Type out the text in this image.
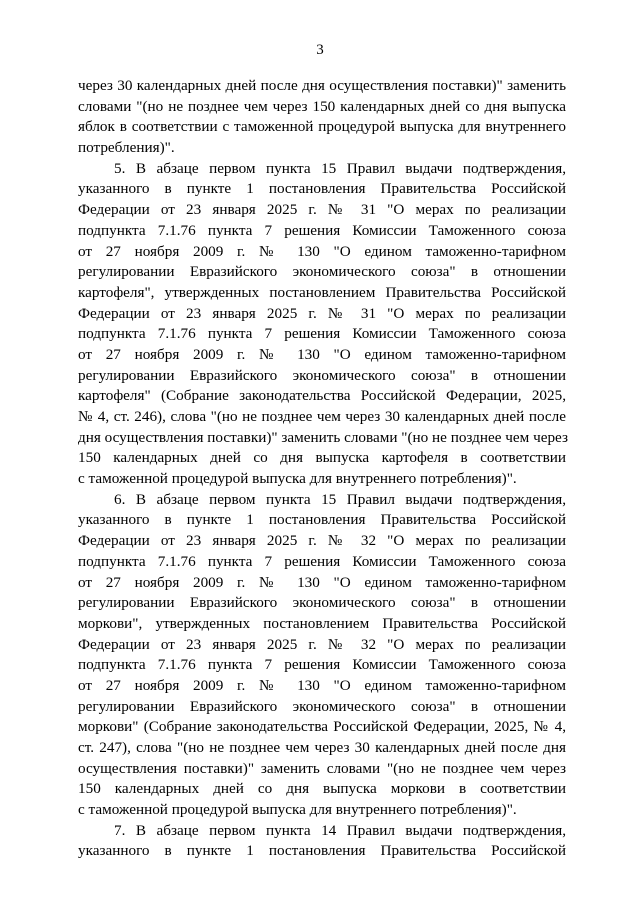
3
через 30 календарных дней после дня осуществления поставки)" заменить
словами "(но не позднее чем через 150 календарных дней со дня выпуска
яблок в соответствии с таможенной процедурой выпуска для внутреннего
потребления)".
5. В абзаце первом пункта 15 Правил выдачи подтверждения,
указанного в пункте 1 постановления Правительства Российской
Федерации от 23 января 2025 г. № 31 "О мерах по реализации
подпункта 7.1.76 пункта 7 решения Комиссии Таможенного союза
от 27 ноября 2009 г. № 130 "О едином таможенно-тарифном
регулировании Евразийского экономического союза" в отношении
картофеля", утвержденных постановлением Правительства Российской
Федерации от 23 января 2025 г. № 31 "О мерах по реализации
подпункта 7.1.76 пункта 7 решения Комиссии Таможенного союза
от 27 ноября 2009 г. № 130 "О едином таможенно-тарифном
регулировании Евразийского экономического союза" в отношении
картофеля" (Собрание законодательства Российской Федерации, 2025,
№ 4, ст. 246), слова "(но не позднее чем через 30 календарных дней после
дня осуществления поставки)" заменить словами "(но не позднее чем через
150 календарных дней со дня выпуска картофеля в соответствии
с таможенной процедурой выпуска для внутреннего потребления)".
6. В абзаце первом пункта 15 Правил выдачи подтверждения,
указанного в пункте 1 постановления Правительства Российской
Федерации от 23 января 2025 г. № 32 "О мерах по реализации
подпункта 7.1.76 пункта 7 решения Комиссии Таможенного союза
от 27 ноября 2009 г. № 130 "О едином таможенно-тарифном
регулировании Евразийского экономического союза" в отношении
моркови", утвержденных постановлением Правительства Российской
Федерации от 23 января 2025 г. № 32 "О мерах по реализации
подпункта 7.1.76 пункта 7 решения Комиссии Таможенного союза
от 27 ноября 2009 г. № 130 "О едином таможенно-тарифном
регулировании Евразийского экономического союза" в отношении
моркови" (Собрание законодательства Российской Федерации, 2025, № 4,
ст. 247), слова "(но не позднее чем через 30 календарных дней после дня
осуществления поставки)" заменить словами "(но не позднее чем через
150 календарных дней со дня выпуска моркови в соответствии
с таможенной процедурой выпуска для внутреннего потребления)".
7. В абзаце первом пункта 14 Правил выдачи подтверждения,
указанного в пункте 1 постановления Правительства Российской
